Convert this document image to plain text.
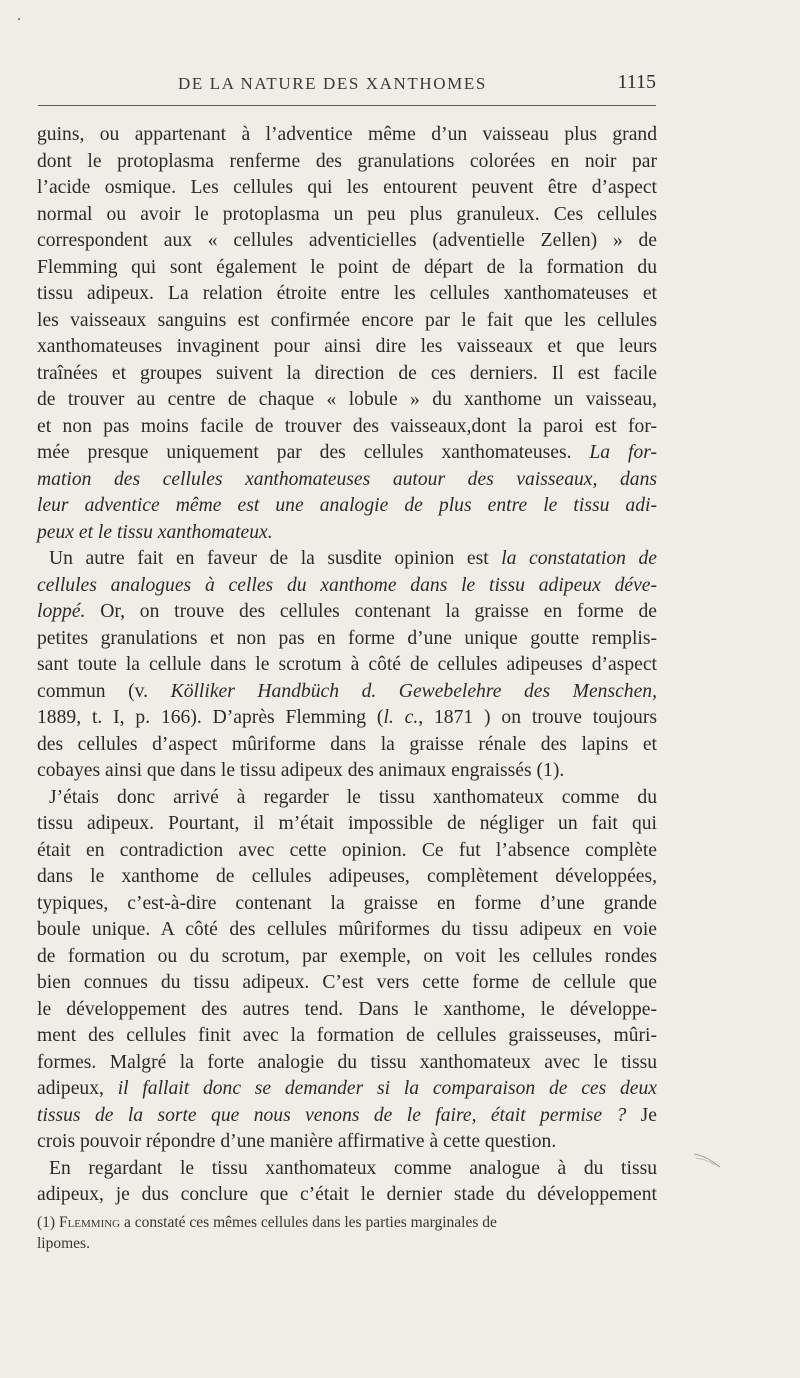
DE LA NATURE DES XANTHOMES	1115
guins, ou appartenant à l’adventice même d’un vaisseau plus grand
dont le protoplasma renferme des granulations colorées en noir par
l’acide osmique. Les cellules qui les entourent peuvent être d’aspect
normal ou avoir le protoplasma un peu plus granuleux. Ces cellules
correspondent aux « cellules adventicielles (adventielle Zellen) » de
Flemming qui sont également le point de départ de la formation du
tissu adipeux. La relation étroite entre les cellules xanthomateuses et
les vaisseaux sanguins est confirmée encore par le fait que les cellules
xanthomateuses invaginent pour ainsi dire les vaisseaux et que leurs
traînées et groupes suivent la direction de ces derniers. Il est facile
de trouver au centre de chaque « lobule » du xanthome un vaisseau,
et non pas moins facile de trouver des vaisseaux,dont la paroi est for-
mée presque uniquement par des cellules xanthomateuses. La for-
mation des cellules xanthomateuses autour des vaisseaux, dans
leur adventice même est une analogie de plus entre le tissu adi-
peux et le tissu xanthomateux.
Un autre fait en faveur de la susdite opinion est la constatation de
cellules analogues à celles du xanthome dans le tissu adipeux déve-
loppé. Or, on trouve des cellules contenant la graisse en forme de
petites granulations et non pas en forme d’une unique goutte remplis-
sant toute la cellule dans le scrotum à côté de cellules adipeuses d’aspect
commun (v. Kölliker Handbüch d. Gewebelehre des Menschen,
1889, t. I, p. 166). D’après Flemming (l. c., 1871 ) on trouve toujours
des cellules d’aspect mûriforme dans la graisse rénale des lapins et
cobayes ainsi que dans le tissu adipeux des animaux engraissés (1).
J’étais donc arrivé à regarder le tissu xanthomateux comme du
tissu adipeux. Pourtant, il m’était impossible de négliger un fait qui
était en contradiction avec cette opinion. Ce fut l’absence complète
dans le xanthome de cellules adipeuses, complètement développées,
typiques, c’est-à-dire contenant la graisse en forme d’une grande
boule unique. A côté des cellules mûriformes du tissu adipeux en voie
de formation ou du scrotum, par exemple, on voit les cellules rondes
bien connues du tissu adipeux. C’est vers cette forme de cellule que
le développement des autres tend. Dans le xanthome, le développe-
ment des cellules finit avec la formation de cellules graisseuses, mûri-
formes. Malgré la forte analogie du tissu xanthomateux avec le tissu
adipeux, il fallait donc se demander si la comparaison de ces deux
tissus de la sorte que nous venons de le faire, était permise ? Je
crois pouvoir répondre d’une manière affirmative à cette question.
En regardant le tissu xanthomateux comme analogue à du tissu
adipeux, je dus conclure que c’était le dernier stade du développement
(1) Flemming a constaté ces mêmes cellules dans les parties marginales de
lipomes.
